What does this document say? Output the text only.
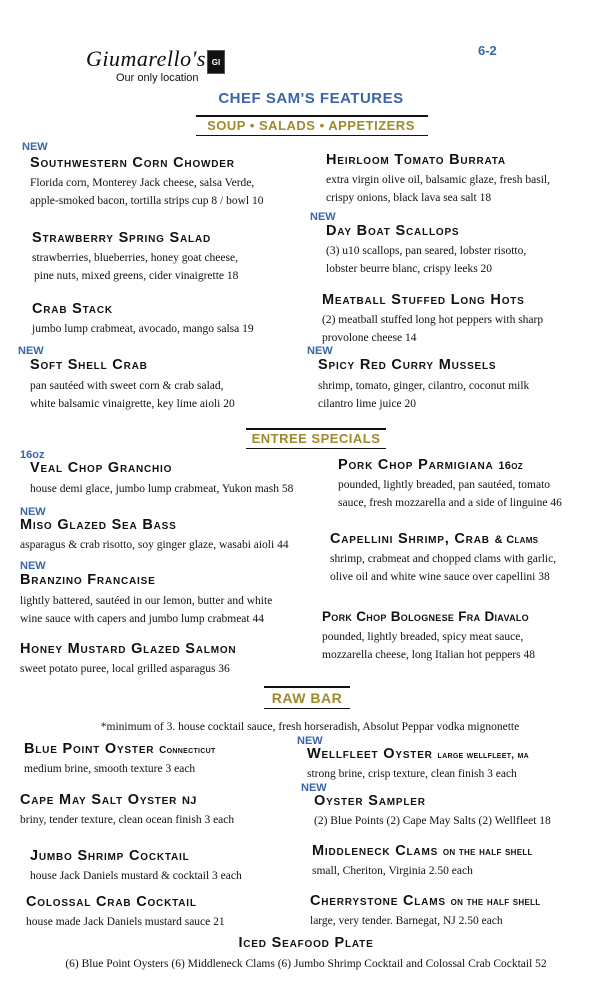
Giumarello's
Our only location
GI
6-2
CHEF SAM'S FEATURES
SOUP • SALADS • APPETIZERS
NEW
Southwestern Corn Chowder
Florida corn, Monterey Jack cheese, salsa Verde,
apple-smoked bacon, tortilla strips cup 8 / bowl 10
Strawberry Spring Salad
strawberries, blueberries, honey goat cheese,
pine nuts, mixed greens, cider vinaigrette 18
Crab Stack
jumbo lump crabmeat, avocado, mango salsa 19
NEW
Soft Shell Crab
pan sautéed with sweet corn & crab salad,
white balsamic vinaigrette, key lime aioli 20
Heirloom Tomato Burrata
extra virgin olive oil, balsamic glaze, fresh basil,
crispy onions, black lava sea salt 18
NEW
Day Boat Scallops
(3) u10 scallops, pan seared, lobster risotto,
lobster beurre blanc, crispy leeks 20
Meatball Stuffed Long Hots
(2) meatball stuffed long hot peppers with sharp
provolone cheese 14
NEW
Spicy Red Curry Mussels
shrimp, tomato, ginger, cilantro, coconut milk
cilantro lime juice 20
ENTREE SPECIALS
16oz
Veal Chop Granchio
house demi glace, jumbo lump crabmeat, Yukon mash 58
NEW
Miso Glazed Sea Bass
asparagus & crab risotto, soy ginger glaze, wasabi aioli 44
NEW
Branzino Francaise
lightly battered, sautéed in our lemon, butter and white
wine sauce with capers and jumbo lump crabmeat 44
Honey Mustard Glazed Salmon
sweet potato puree, local grilled asparagus 36
Pork Chop Parmigiana 16oz
pounded, lightly breaded, pan sautéed, tomato
sauce, fresh mozzarella and a side of linguine 46
Capellini Shrimp, Crab & Clams
shrimp, crabmeat and chopped clams with garlic,
olive oil and white wine sauce over capellini 38
Pork Chop Bolognese Fra Diavalo
pounded, lightly breaded, spicy meat sauce,
mozzarella cheese, long Italian hot peppers 48
RAW BAR
*minimum of 3. house cocktail sauce, fresh horseradish, Absolut Peppar vodka mignonette
Blue Point Oyster Connecticut
medium brine, smooth texture 3 each
Cape May Salt Oyster NJ
briny, tender texture, clean ocean finish 3 each
Jumbo Shrimp Cocktail
house Jack Daniels mustard & cocktail 3 each
Colossal Crab Cocktail
house made Jack Daniels mustard sauce 21
NEW
Wellfleet Oyster large wellfleet, ma
strong brine, crisp texture, clean finish 3 each
NEW
Oyster Sampler
(2) Blue Points (2) Cape May Salts (2) Wellfleet 18
Middleneck Clams on the half shell
small, Cheriton, Virginia 2.50 each
Cherrystone Clams on the half shell
large, very tender. Barnegat, NJ 2.50 each
Iced Seafood Plate
(6) Blue Point Oysters (6) Middleneck Clams (6) Jumbo Shrimp Cocktail and Colossal Crab Cocktail 52
